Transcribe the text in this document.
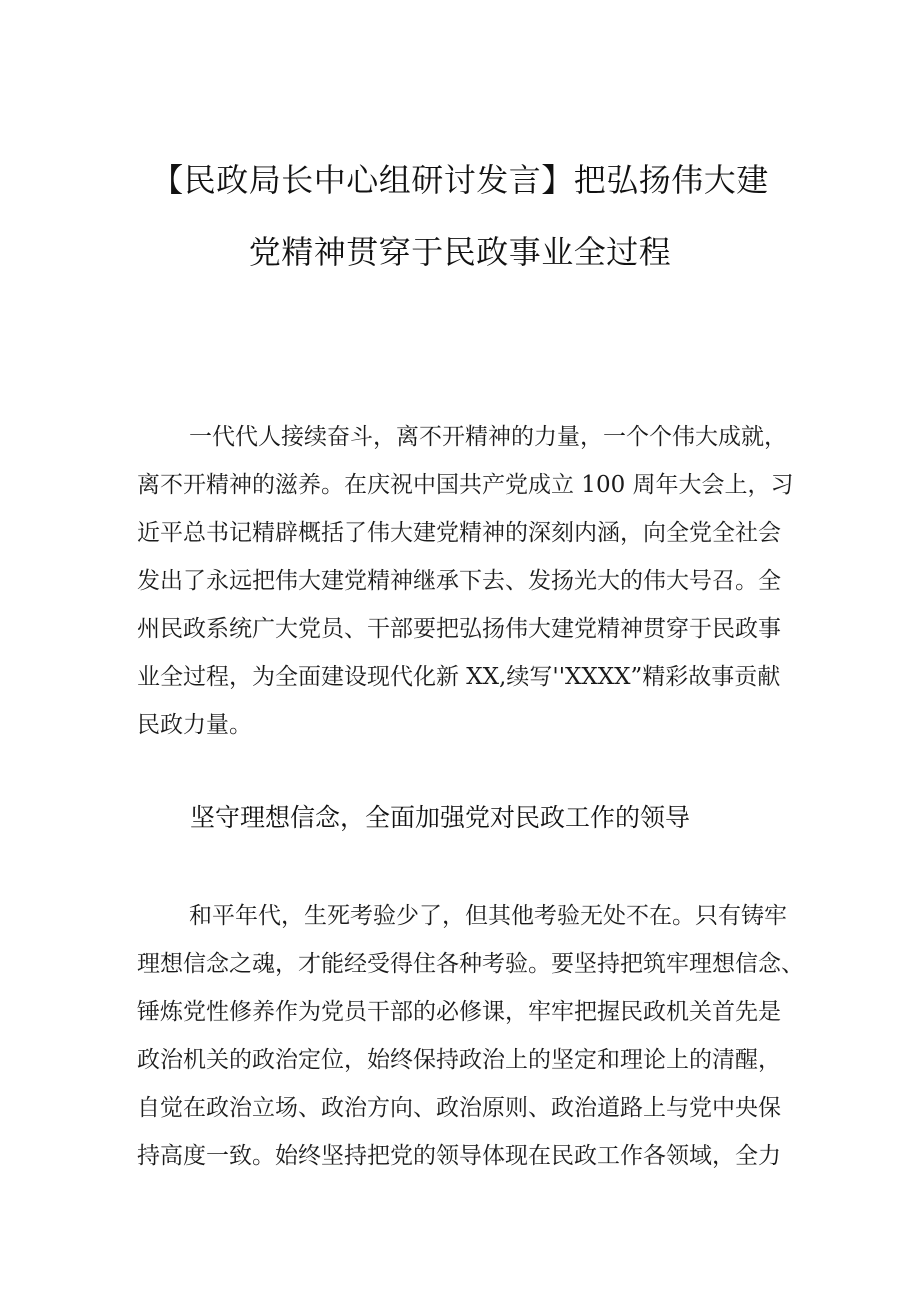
【民政局长中心组研讨发言】把弘扬伟大建
党精神贯穿于民政事业全过程
一代代人接续奋斗，离不开精神的力量，一个个伟大成就，
离不开精神的滋养。在庆祝中国共产党成立 100 周年大会上，习
近平总书记精辟概括了伟大建党精神的深刻内涵，向全党全社会
发出了永远把伟大建党精神继承下去、发扬光大的伟大号召。全
州民政系统广大党员、干部要把弘扬伟大建党精神贯穿于民政事
业全过程，为全面建设现代化新 XX,续写''XXXX”精彩故事贡献
民政力量。
坚守理想信念，全面加强党对民政工作的领导
和平年代，生死考验少了，但其他考验无处不在。只有铸牢
理想信念之魂，才能经受得住各种考验。要坚持把筑牢理想信念、
锤炼党性修养作为党员干部的必修课，牢牢把握民政机关首先是
政治机关的政治定位，始终保持政治上的坚定和理论上的清醒，
自觉在政治立场、政治方向、政治原则、政治道路上与党中央保
持高度一致。始终坚持把党的领导体现在民政工作各领域，全力
